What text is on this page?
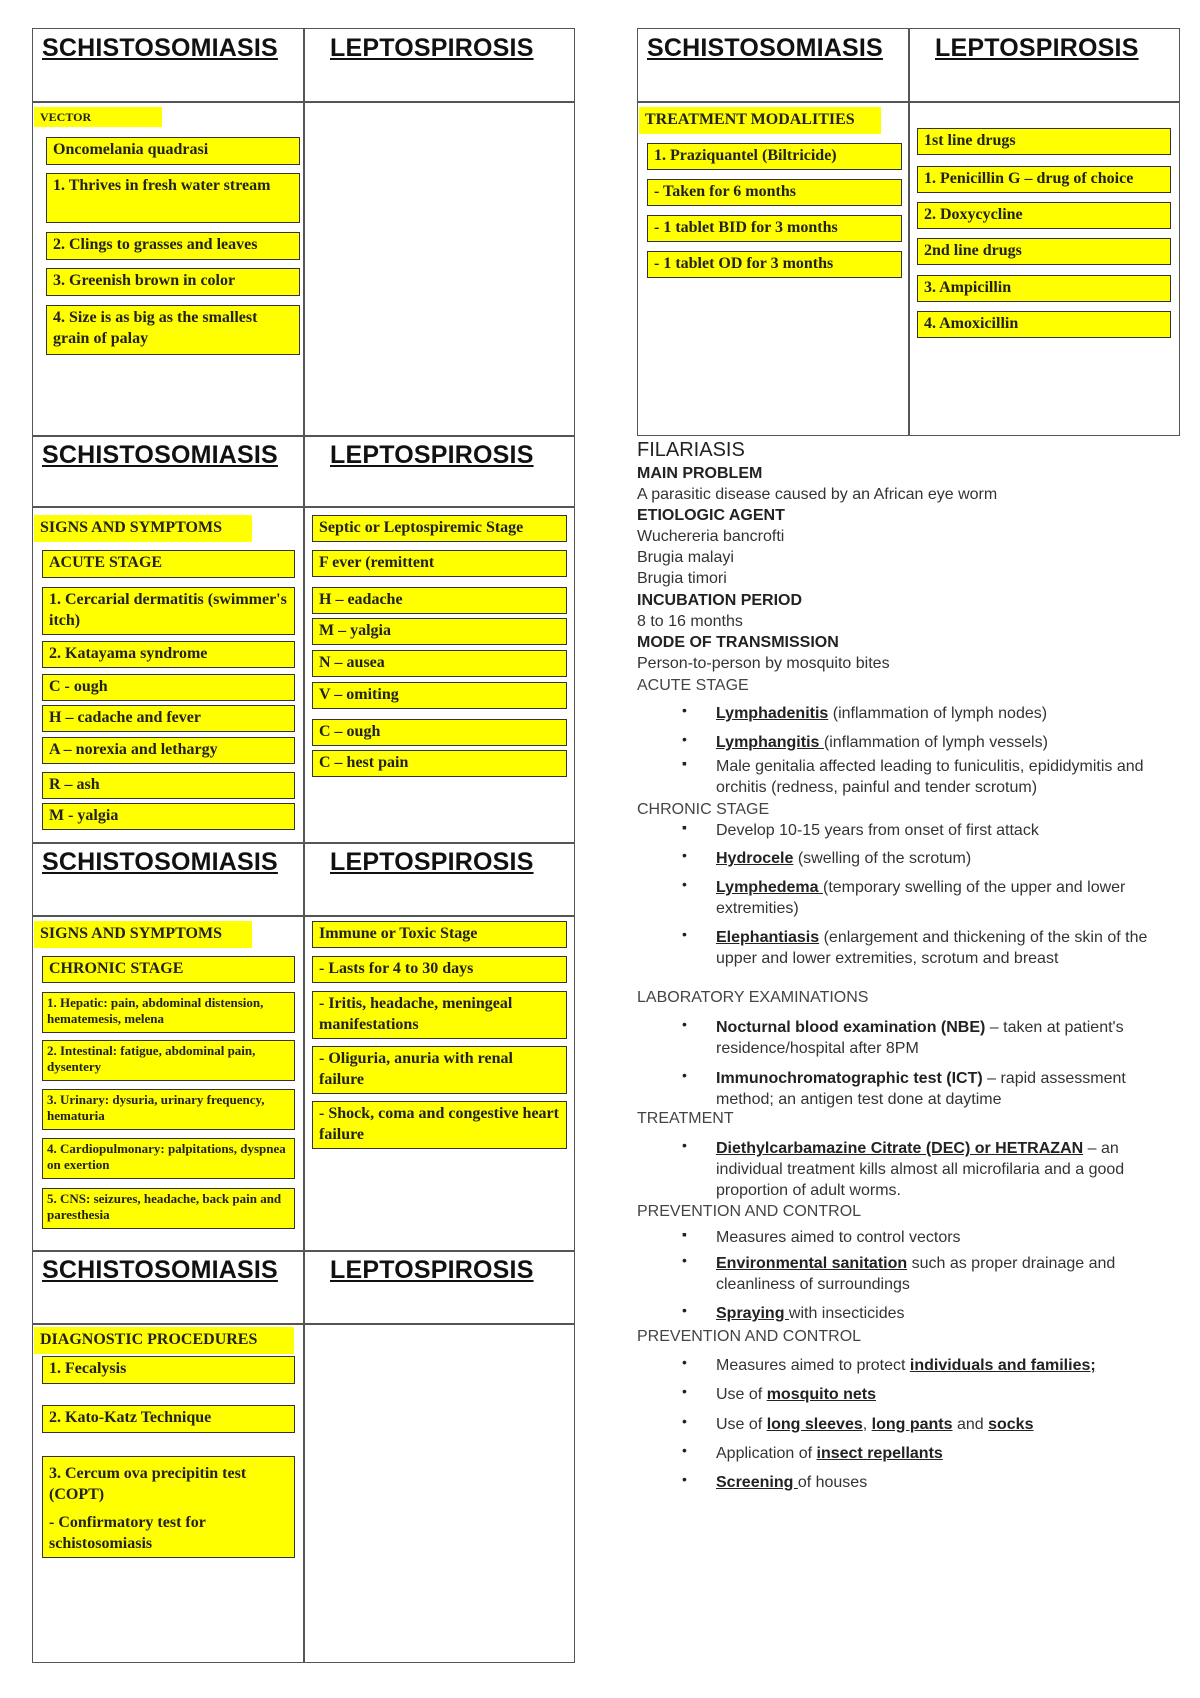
SCHISTOSOMIASIS LEPTOSPIROSIS
SCHISTOSOMIASIS LEPTOSPIROSIS
SCHISTOSOMIASIS LEPTOSPIROSIS
SCHISTOSOMIASIS LEPTOSPIROSIS
VECTOR
Oncomelania quadrasi
1. Thrives in fresh water stream
2. Clings to grasses and leaves
3. Greenish brown in color
4. Size is as big as the smallest grain of palay
SIGNS AND SYMPTOMS
ACUTE STAGE
1. Cercarial dermatitis (swimmer's itch)
2. Katayama syndrome
C - ough
H – cadache and fever
A – norexia and lethargy
R – ash
M - yalgia
Septic or Leptospiremic Stage
F ever (remittent
H – eadache
M – yalgia
N – ausea
V – omiting
C – ough
C – hest pain
SIGNS AND SYMPTOMS
CHRONIC STAGE
1. Hepatic: pain, abdominal distension, hematemesis, melena
2. Intestinal: fatigue, abdominal pain, dysentery
3. Urinary: dysuria, urinary frequency, hematuria
4. Cardiopulmonary: palpitations, dyspnea on exertion
5. CNS: seizures, headache, back pain and paresthesia
Immune or Toxic Stage
- Lasts for 4 to 30 days
- Iritis, headache, meningeal manifestations
- Oliguria, anuria with renal failure
- Shock, coma and congestive heart failure
DIAGNOSTIC PROCEDURES
1. Fecalysis
2. Kato-Katz Technique
3. Cercum ova precipitin test (COPT)
- Confirmatory test for schistosomiasis
SCHISTOSOMIASIS LEPTOSPIROSIS
TREATMENT MODALITIES
1. Praziquantel (Biltricide)
- Taken for 6 months
- 1 tablet BID for 3 months
- 1 tablet OD for 3 months
1st line drugs
1. Penicillin G – drug of choice
2. Doxycycline
2nd line drugs
3. Ampicillin
4. Amoxicillin
FILARIASIS
MAIN PROBLEM
A parasitic disease caused by an African eye worm
ETIOLOGIC AGENT
Wuchereria bancrofti
Brugia malayi
Brugia timori
INCUBATION PERIOD
8 to 16 months
MODE OF TRANSMISSION
Person-to-person by mosquito bites
ACUTE STAGE
• Lymphadenitis (inflammation of lymph nodes)
• Lymphangitis (inflammation of lymph vessels)
▪ Male genitalia affected leading to funiculitis, epididymitis and orchitis (redness, painful and tender scrotum)
CHRONIC STAGE
▪ Develop 10-15 years from onset of first attack
• Hydrocele (swelling of the scrotum)
• Lymphedema (temporary swelling of the upper and lower extremities)
• Elephantiasis (enlargement and thickening of the skin of the upper and lower extremities, scrotum and breast
LABORATORY EXAMINATIONS
• Nocturnal blood examination (NBE) – taken at patient's residence/hospital after 8PM
• Immunochromatographic test (ICT) – rapid assessment method; an antigen test done at daytime
TREATMENT
• Diethylcarbamazine Citrate (DEC) or HETRAZAN – an individual treatment kills almost all microfilaria and a good proportion of adult worms.
PREVENTION AND CONTROL
▪ Measures aimed to control vectors
• Environmental sanitation such as proper drainage and cleanliness of surroundings
• Spraying with insecticides
PREVENTION AND CONTROL
• Measures aimed to protect individuals and families;
• Use of mosquito nets
• Use of long sleeves, long pants and socks
• Application of insect repellants
• Screening of houses
